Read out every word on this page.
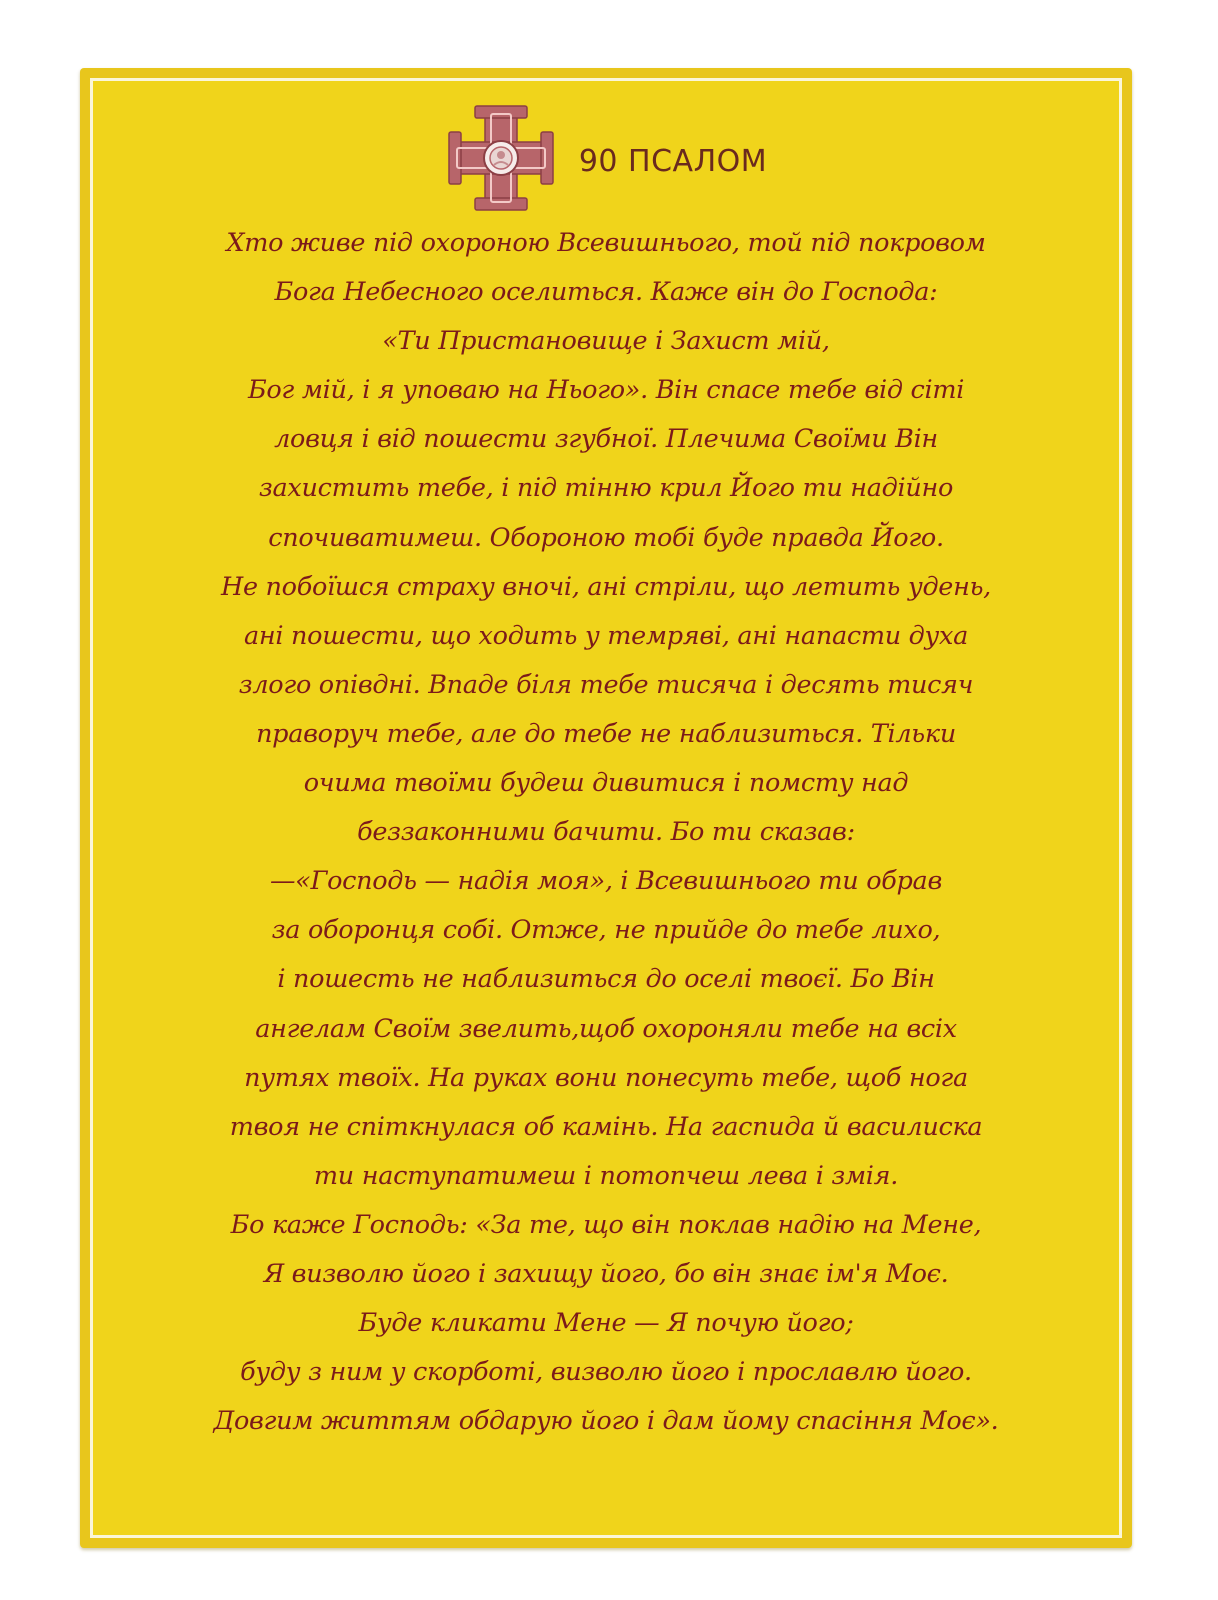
90 ПСАЛОМ
Хто живе під охороною Всевишнього, той під покровом
Бога Небесного оселиться. Каже він до Господа:
«Ти Пристановище і Захист мій,
Бог мій, і я уповаю на Нього». Він спасе тебе від сіті
ловця і від пошести згубної. Плечима Своїми Він
захистить тебе, і під тінню крил Його ти надійно
спочиватимеш. Обороною тобі буде правда Його.
Не побоїшся страху вночі, ані стріли, що летить удень,
ані пошести, що ходить у темряві, ані напасти духа
злого опівдні. Впаде біля тебе тисяча і десять тисяч
праворуч тебе, але до тебе не наблизиться. Тільки
очима твоїми будеш дивитися і помсту над
беззаконними бачити. Бо ти сказав:
—«Господь — надія моя», і Всевишнього ти обрав
за оборонця собі. Отже, не прийде до тебе лихо,
і пошесть не наблизиться до оселі твоєї. Бо Він
ангелам Своїм звелить,щоб охороняли тебе на всіх
путях твоїх. На руках вони понесуть тебе, щоб нога
твоя не спіткнулася об камінь. На гаспида й василиска
ти наступатимеш і потопчеш лева і змія.
Бо каже Господь: «За те, що він поклав надію на Мене,
Я визволю його і захищу його, бо він знає ім'я Моє.
Буде кликати Мене — Я почую його;
буду з ним у скорботі, визволю його і прославлю його.
Довгим життям обдарую його і дам йому спасіння Моє».
